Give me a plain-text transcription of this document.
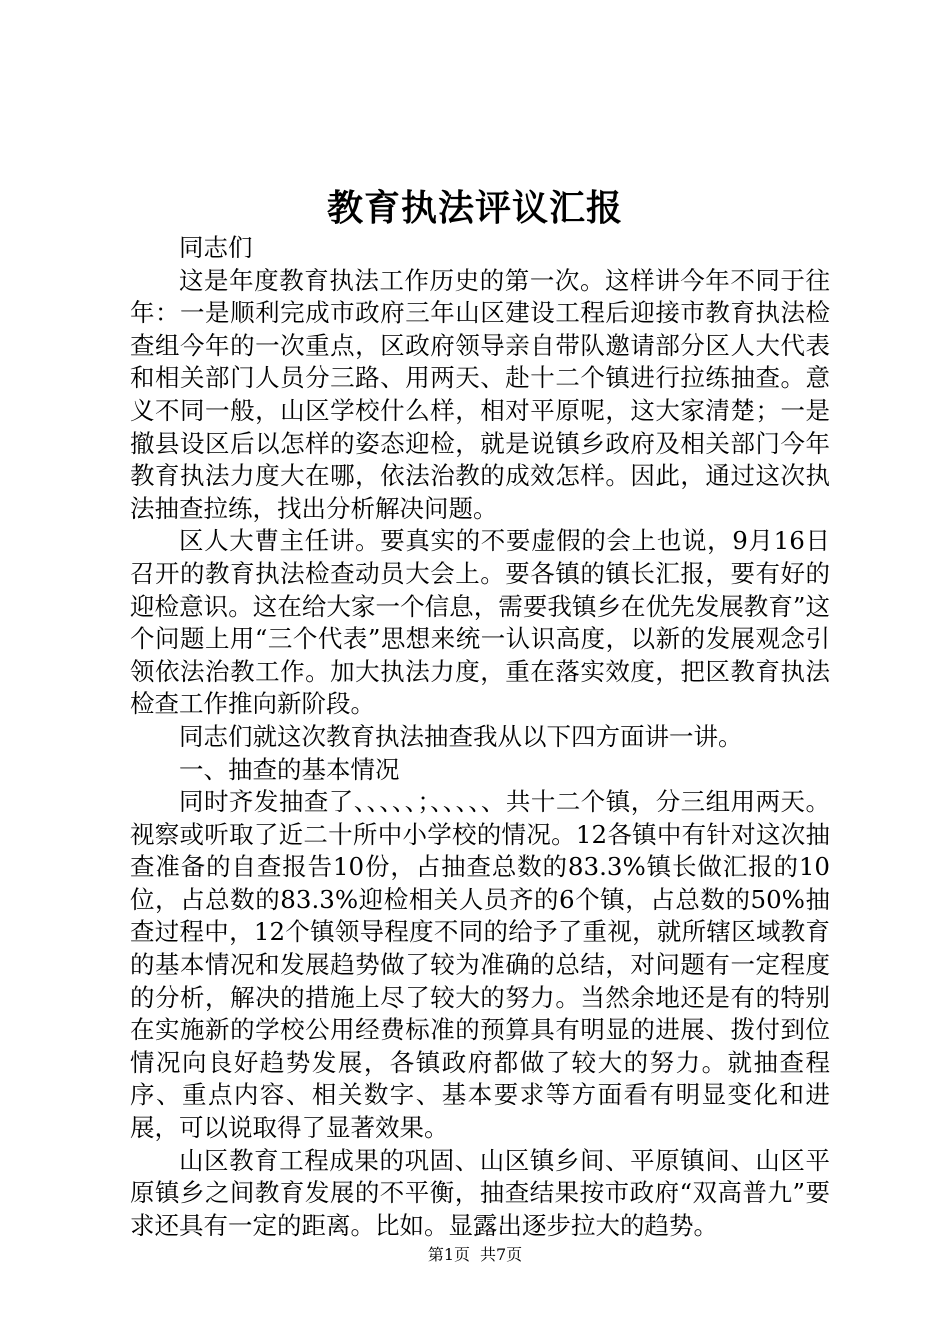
教育执法评议汇报

同志们

这是年度教育执法工作历史的第一次。这样讲今年不同于往年：一是顺利完成市政府三年山区建设工程后迎接市教育执法检查组今年的一次重点，区政府领导亲自带队邀请部分区人大代表和相关部门人员分三路、用两天、赴十二个镇进行拉练抽查。意义不同一般，山区学校什么样，相对平原呢，这大家清楚；一是撤县设区后以怎样的姿态迎检，就是说镇乡政府及相关部门今年教育执法力度大在哪，依法治教的成效怎样。因此，通过这次执法抽查拉练，找出分析解决问题。

区人大曹主任讲。要真实的不要虚假的会上也说，9月16日召开的教育执法检查动员大会上。要各镇的镇长汇报，要有好的迎检意识。这在给大家一个信息，需要我镇乡在优先发展教育”这个问题上用“三个代表”思想来统一认识高度，以新的发展观念引领依法治教工作。加大执法力度，重在落实效度，把区教育执法检查工作推向新阶段。

同志们就这次教育执法抽查我从以下四方面讲一讲。

一、抽查的基本情况

同时齐发抽查了、、、、、；、、、、、共十二个镇，分三组用两天。视察或听取了近二十所中小学校的情况。12各镇中有针对这次抽查准备的自查报告10份，占抽查总数的83.3%镇长做汇报的10位，占总数的83.3%迎检相关人员齐的6个镇，占总数的50%抽查过程中，12个镇领导程度不同的给予了重视，就所辖区域教育的基本情况和发展趋势做了较为准确的总结，对问题有一定程度的分析，解决的措施上尽了较大的努力。当然余地还是有的特别在实施新的学校公用经费标准的预算具有明显的进展、拨付到位情况向良好趋势发展，各镇政府都做了较大的努力。就抽查程序、重点内容、相关数字、基本要求等方面看有明显变化和进展，可以说取得了显著效果。

山区教育工程成果的巩固、山区镇乡间、平原镇间、山区平原镇乡之间教育发展的不平衡，抽查结果按市政府“双高普九”要求还具有一定的距离。比如。显露出逐步拉大的趋势。

第1页 共7页
